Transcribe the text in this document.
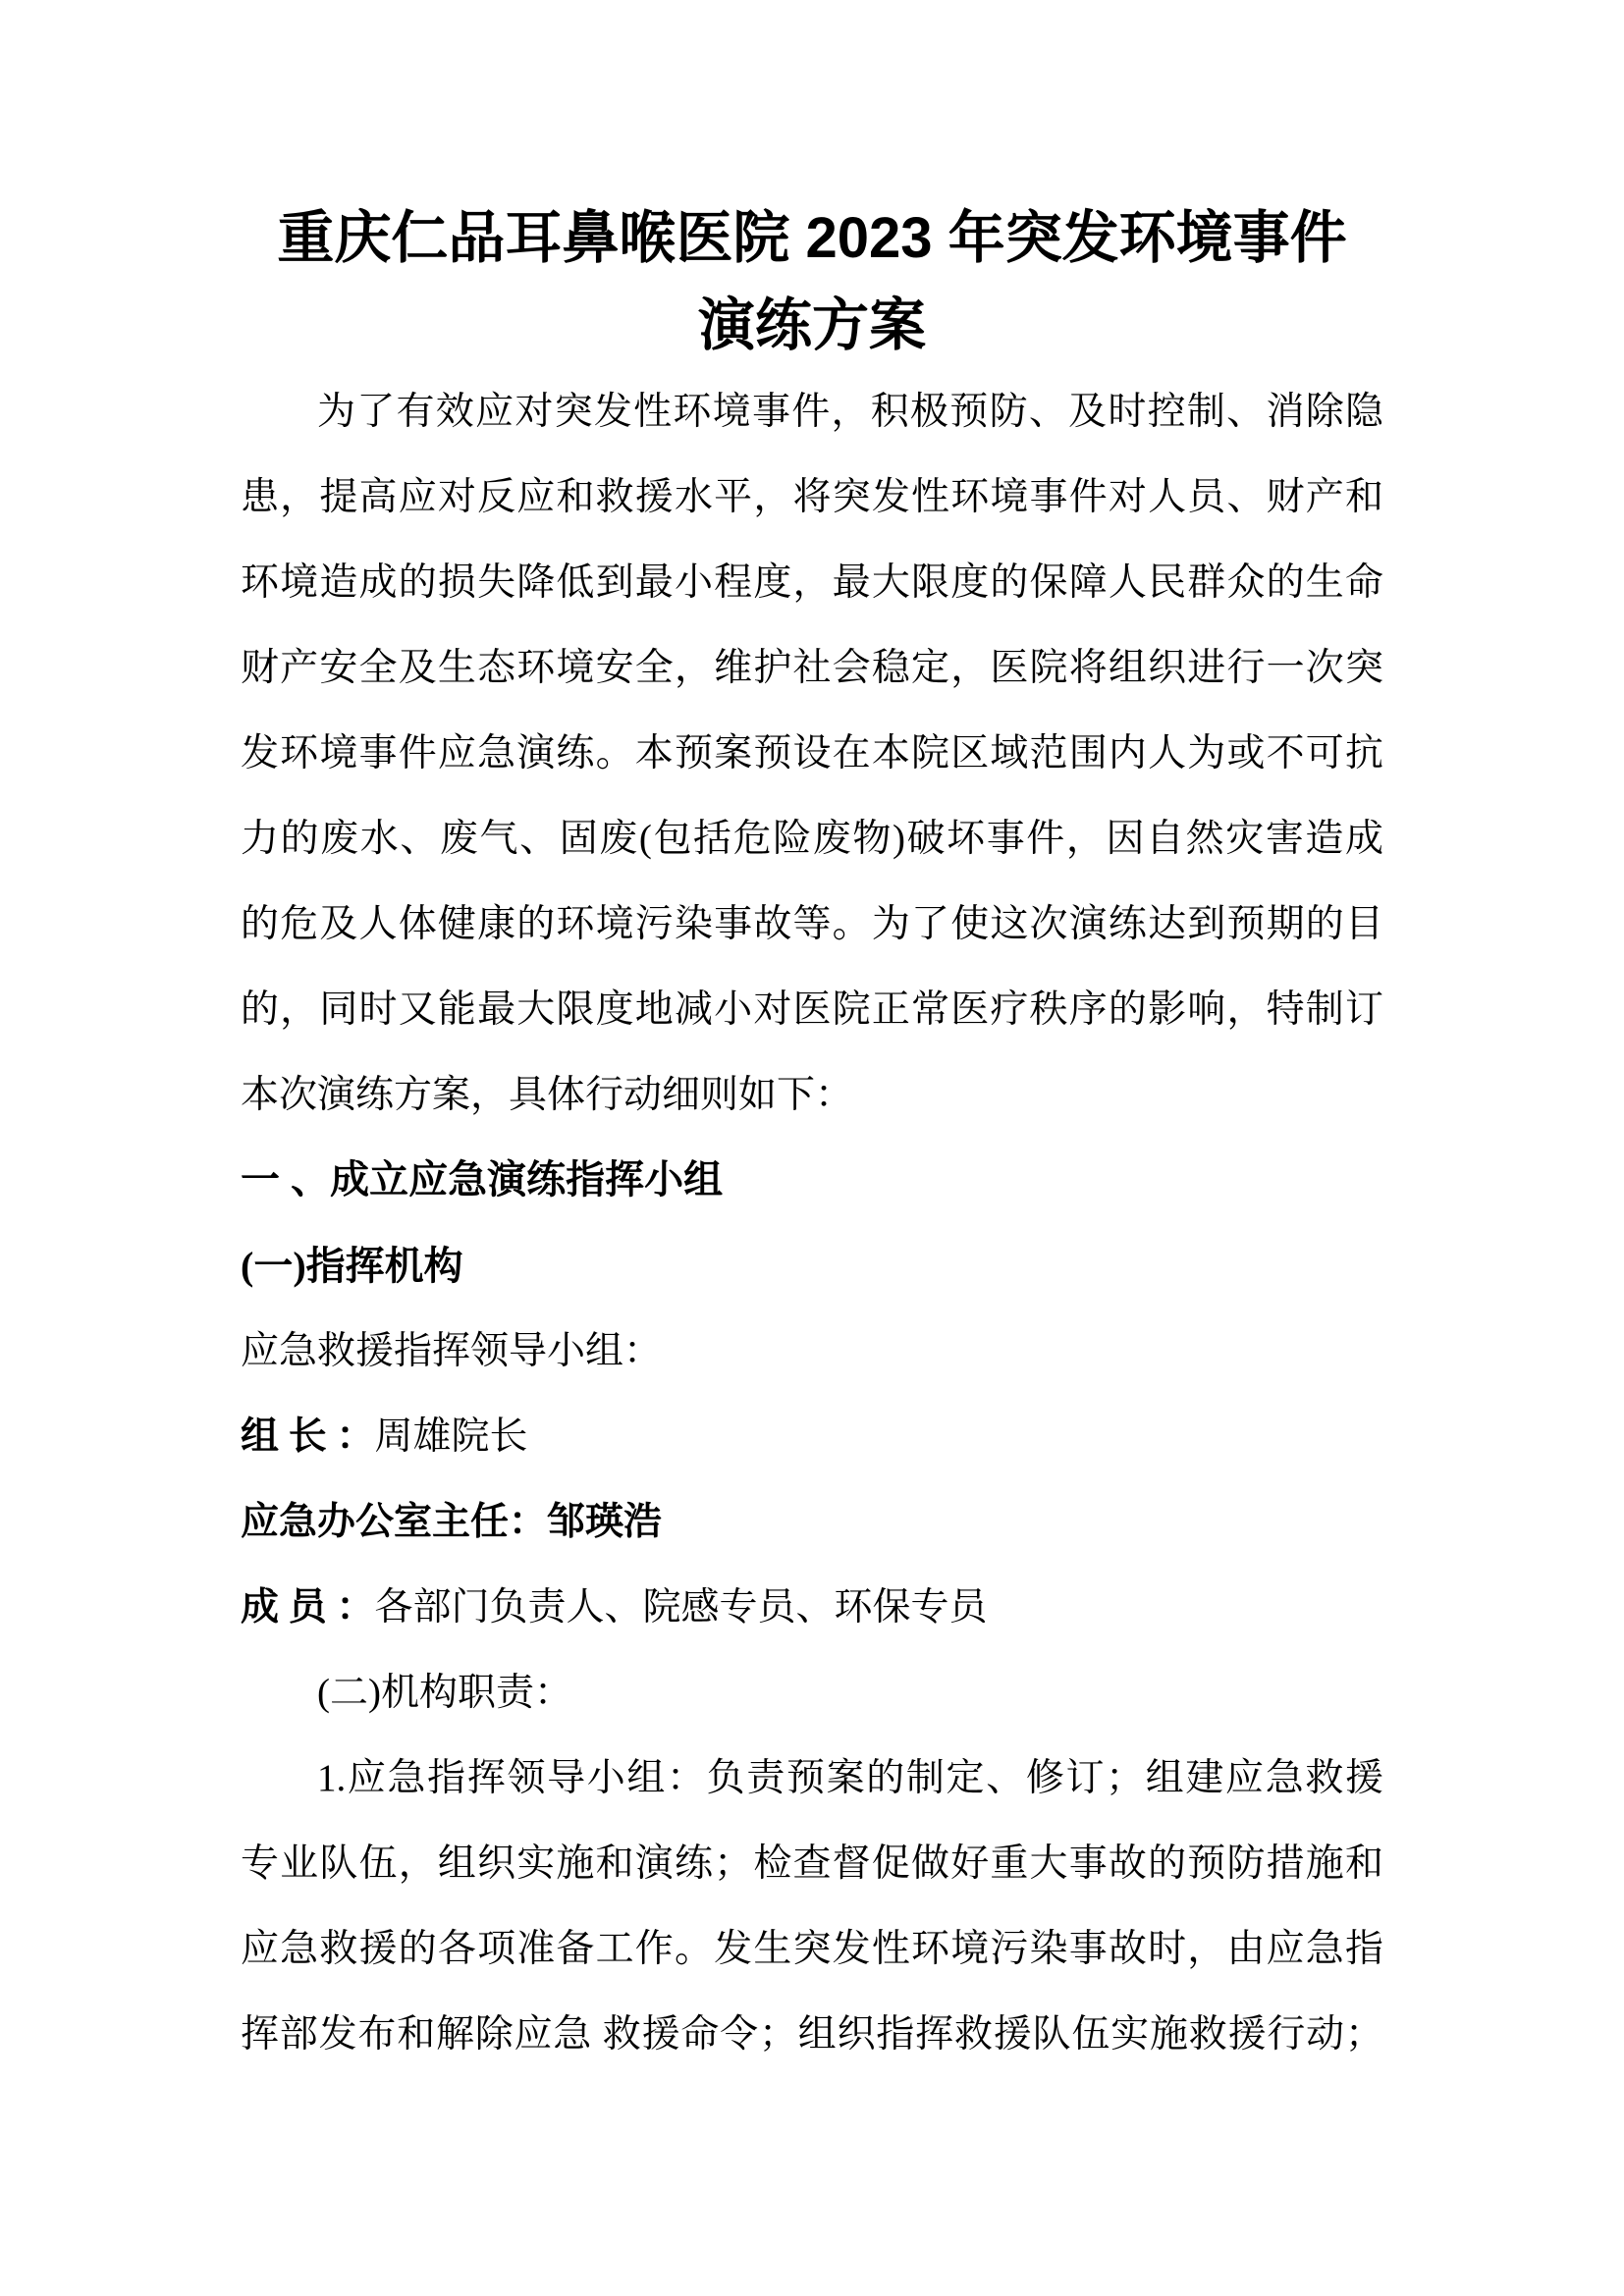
重庆仁品耳鼻喉医院 2023 年突发环境事件
演练方案
为了有效应对突发性环境事件，积极预防、及时控制、消除隐
患，提高应对反应和救援水平，将突发性环境事件对人员、财产和
环境造成的损失降低到最小程度，最大限度的保障人民群众的生命
财产安全及生态环境安全，维护社会稳定，医院将组织进行一次突
发环境事件应急演练。本预案预设在本院区域范围内人为或不可抗
力的废水、废气、固废(包括危险废物)破坏事件，因自然灾害造成
的危及人体健康的环境污染事故等。为了使这次演练达到预期的目
的，同时又能最大限度地减小对医院正常医疗秩序的影响，特制订
本次演练方案，具体行动细则如下：
一 、成立应急演练指挥小组
(一)指挥机构
应急救援指挥领导小组：
组 长 ：周雄院长
应急办公室主任：邹瑛浩
成 员 ：各部门负责人、院感专员、环保专员
(二)机构职责：
1.应急指挥领导小组：负责预案的制定、修订；组建应急救援
专业队伍，组织实施和演练；检查督促做好重大事故的预防措施和
应急救援的各项准备工作。发生突发性环境污染事故时，由应急指
挥部发布和解除应急 救援命令；组织指挥救援队伍实施救援行动；
